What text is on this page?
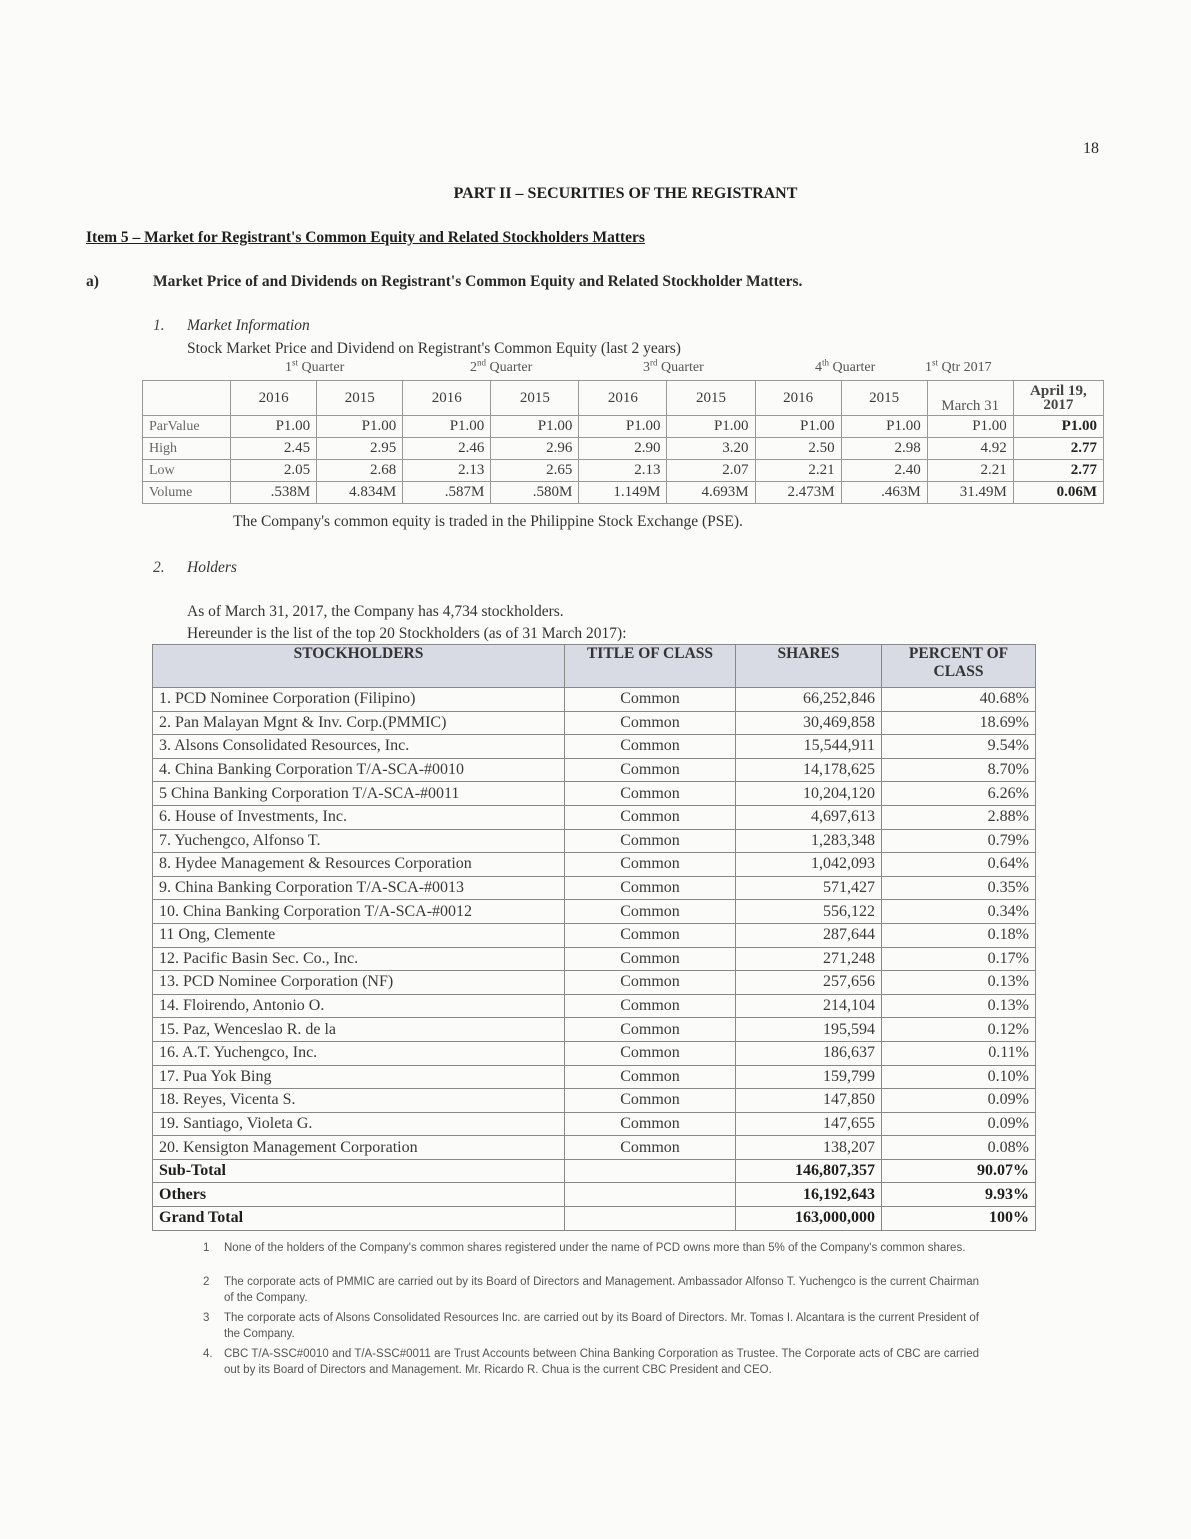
18
PART II – SECURITIES OF THE REGISTRANT
Item 5 – Market for Registrant's Common Equity and Related Stockholders Matters
a)	Market Price of and Dividends on Registrant's Common Equity and Related Stockholder Matters.
1. Market Information
Stock Market Price and Dividend on Registrant's Common Equity (last 2 years)
1st Quarter	2nd Quarter	3rd Quarter	4th Quarter	1st Qtr 2017
	2016	2015	2016	2015	2016	2015	2016	2015	March 31	April 19, 2017
ParValue	P1.00	P1.00	P1.00	P1.00	P1.00	P1.00	P1.00	P1.00	P1.00	P1.00
High	2.45	2.95	2.46	2.96	2.90	3.20	2.50	2.98	4.92	2.77
Low	2.05	2.68	2.13	2.65	2.13	2.07	2.21	2.40	2.21	2.77
Volume	.538M	4.834M	.587M	.580M	1.149M	4.693M	2.473M	.463M	31.49M	0.06M
The Company's common equity is traded in the Philippine Stock Exchange (PSE).
2. Holders
As of March 31, 2017, the Company has 4,734 stockholders.
Hereunder is the list of the top 20 Stockholders (as of 31 March 2017):
STOCKHOLDERS	TITLE OF CLASS	SHARES	PERCENT OF CLASS
1. PCD Nominee Corporation (Filipino)	Common	66,252,846	40.68%
2. Pan Malayan Mgnt & Inv. Corp.(PMMIC)	Common	30,469,858	18.69%
3. Alsons Consolidated Resources, Inc.	Common	15,544,911	9.54%
4. China Banking Corporation T/A-SCA-#0010	Common	14,178,625	8.70%
5 China Banking Corporation T/A-SCA-#0011	Common	10,204,120	6.26%
6. House of Investments, Inc.	Common	4,697,613	2.88%
7. Yuchengco, Alfonso T.	Common	1,283,348	0.79%
8. Hydee Management & Resources Corporation	Common	1,042,093	0.64%
9. China Banking Corporation T/A-SCA-#0013	Common	571,427	0.35%
10. China Banking Corporation T/A-SCA-#0012	Common	556,122	0.34%
11 Ong, Clemente	Common	287,644	0.18%
12. Pacific Basin Sec. Co., Inc.	Common	271,248	0.17%
13. PCD Nominee Corporation (NF)	Common	257,656	0.13%
14. Floirendo, Antonio O.	Common	214,104	0.13%
15. Paz, Wenceslao R. de la	Common	195,594	0.12%
16. A.T. Yuchengco, Inc.	Common	186,637	0.11%
17. Pua Yok Bing	Common	159,799	0.10%
18. Reyes, Vicenta S.	Common	147,850	0.09%
19. Santiago, Violeta G.	Common	147,655	0.09%
20. Kensigton Management Corporation	Common	138,207	0.08%
Sub-Total		146,807,357	90.07%
Others		16,192,643	9.93%
Grand Total		163,000,000	100%
1	None of the holders of the Company's common shares registered under the name of PCD owns more than 5% of the Company's common shares.
2	The corporate acts of PMMIC are carried out by its Board of Directors and Management. Ambassador Alfonso T. Yuchengco is the current Chairman of the Company.
3	The corporate acts of Alsons Consolidated Resources Inc. are carried out by its Board of Directors. Mr. Tomas I. Alcantara is the current President of the Company.
4. CBC T/A-SSC#0010 and T/A-SSC#0011 are Trust Accounts between China Banking Corporation as Trustee. The Corporate acts of CBC are carried out by its Board of Directors and Management. Mr. Ricardo R. Chua is the current CBC President and CEO.
